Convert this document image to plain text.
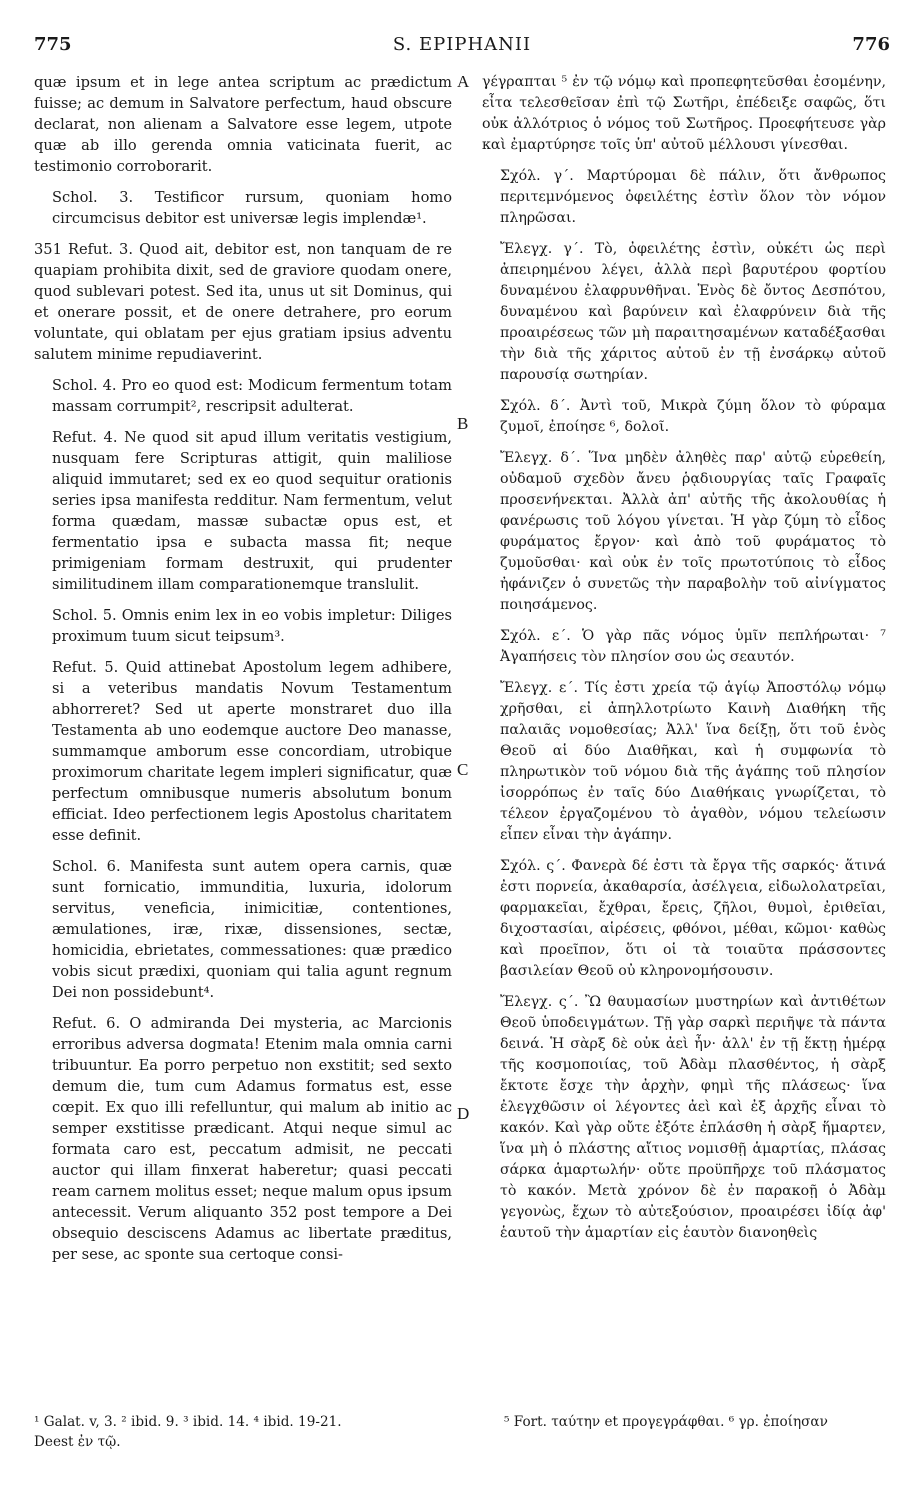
775	S. EPIPHANII	776

quæ ipsum et in lege antea scriptum ac prædictum fuisse; ac demum in Salvatore perfectum, haud obscure declarat, non alienam a Salvatore esse legem, utpote quæ ab illo gerenda omnia vaticinata fuerit, ac testimonio corroborarit.

Schol. 3. Testificor rursum, quoniam homo circumcisus debitor est universæ legis implendæ¹.

351 Refut. 3. Quod ait, debitor est, non tanquam de re quapiam prohibita dixit, sed de graviore quodam onere, quod sublevari potest. Sed ita, unus ut sit Dominus, qui et onerare possit, et de onere detrahere, pro eorum voluntate, qui oblatam per ejus gratiam ipsius adventu salutem minime repudiaverint.

Schol. 4. Pro eo quod est: Modicum fermentum totam massam corrumpit², rescripsit adulterat.

Refut. 4. Ne quod sit apud illum veritatis vestigium, nusquam fere Scripturas attigit, quin maliliose aliquid immutaret; sed ex eo quod sequitur orationis series ipsa manifesta redditur. Nam fermentum, velut forma quædam, massæ subactæ opus est, et fermentatio ipsa e subacta massa fit; neque primigeniam formam destruxit, qui prudenter similitudinem illam comparationemque translulit.

Schol. 5. Omnis enim lex in eo vobis impletur: Diliges proximum tuum sicut teipsum³.

Refut. 5. Quid attinebat Apostolum legem adhibere, si a veteribus mandatis Novum Testamentum abhorreret? Sed ut aperte monstraret duo illa Testamenta ab uno eodemque auctore Deo manasse, summamque amborum esse concordiam, utrobique proximorum charitate legem impleri significatur, quæ perfectum omnibusque numeris absolutum bonum efficiat. Ideo perfectionem legis Apostolus charitatem esse definit.

Schol. 6. Manifesta sunt autem opera carnis, quæ sunt fornicatio, immunditia, luxuria, idolorum servitus, veneficia, inimicitiæ, contentiones, æmulationes, iræ, rixæ, dissensiones, sectæ, homicidia, ebrietates, commessationes: quæ prædico vobis sicut prædixi, quoniam qui talia agunt regnum Dei non possidebunt⁴.

Refut. 6. O admiranda Dei mysteria, ac Marcionis erroribus adversa dogmata! Etenim mala omnia carni tribuuntur. Ea porro perpetuo non exstitit; sed sexto demum die, tum cum Adamus formatus est, esse cœpit. Ex quo illi refelluntur, qui malum ab initio ac semper exstitisse prædicant. Atqui neque simul ac formata caro est, peccatum admisit, ne peccati auctor qui illam finxerat haberetur; quasi peccati ream carnem molitus esset; neque malum opus ipsum antecessit. Verum aliquanto 352 post tempore a Dei obsequio desciscens Adamus ac libertate præditus, per sese, ac sponte sua certoque consi-

A
B
C
D

γέγραπται ⁵ ἐν τῷ νόμῳ καὶ προπεφητεῦσθαι ἐσομένην, εἶτα τελεσθεῖσαν ἐπὶ τῷ Σωτῆρι, ἐπέδειξε σαφῶς, ὅτι οὐκ ἀλλότριος ὁ νόμος τοῦ Σωτῆρος. Προεφήτευσε γὰρ καὶ ἐμαρτύρησε τοῖς ὑπ' αὐτοῦ μέλλουσι γίνεσθαι.

Σχόλ. γ΄. Μαρτύρομαι δὲ πάλιν, ὅτι ἄνθρωπος περιτεμνόμενος ὀφειλέτης ἐστὶν ὅλον τὸν νόμον πληρῶσαι.

Ἔλεγχ. γ΄. Τὸ, ὀφειλέτης ἐστὶν, οὐκέτι ὡς περὶ ἀπειρημένου λέγει, ἀλλὰ περὶ βαρυτέρου φορτίου δυναμένου ἐλαφρυνθῆναι. Ἑνὸς δὲ ὄντος Δεσπότου, δυναμένου καὶ βαρύνειν καὶ ἐλαφρύνειν διὰ τῆς προαιρέσεως τῶν μὴ παραιτησαμένων καταδέξασθαι τὴν διὰ τῆς χάριτος αὐτοῦ ἐν τῇ ἐνσάρκῳ αὐτοῦ παρουσίᾳ σωτηρίαν.

Σχόλ. δ΄. Ἀντὶ τοῦ, Μικρὰ ζύμη ὅλον τὸ φύραμα ζυμοῖ, ἐποίησε ⁶, δολοῖ.

Ἔλεγχ. δ΄. Ἵνα μηδὲν ἀληθὲς παρ' αὐτῷ εὑρεθείη, οὐδαμοῦ σχεδὸν ἄνευ ῥᾳδιουργίας ταῖς Γραφαῖς προσενήνεκται. Ἀλλὰ ἀπ' αὐτῆς τῆς ἀκολουθίας ἡ φανέρωσις τοῦ λόγου γίνεται. Ἡ γὰρ ζύμη τὸ εἶδος φυράματος ἔργον· καὶ ἀπὸ τοῦ φυράματος τὸ ζυμοῦσθαι· καὶ οὐκ ἐν τοῖς πρωτοτύποις τὸ εἶδος ἠφάνιζεν ὁ συνετῶς τὴν παραβολὴν τοῦ αἰνίγματος ποιησάμενος.

Σχόλ. ε΄. Ὁ γὰρ πᾶς νόμος ὑμῖν πεπλήρωται· ⁷ Ἀγαπήσεις τὸν πλησίον σου ὡς σεαυτόν.

Ἔλεγχ. ε΄. Τίς ἐστι χρεία τῷ ἁγίῳ Ἀποστόλῳ νόμῳ χρῆσθαι, εἰ ἀπηλλοτρίωτο Καινὴ Διαθήκη τῆς παλαιᾶς νομοθεσίας; Ἀλλ' ἵνα δείξῃ, ὅτι τοῦ ἑνὸς Θεοῦ αἱ δύο Διαθῆκαι, καὶ ἡ συμφωνία τὸ πληρωτικὸν τοῦ νόμου διὰ τῆς ἀγάπης τοῦ πλησίον ἰσορρόπως ἐν ταῖς δύο Διαθήκαις γνωρίζεται, τὸ τέλεον ἐργαζομένου τὸ ἀγαθὸν, νόμου τελείωσιν εἶπεν εἶναι τὴν ἀγάπην.

Σχόλ. ς΄. Φανερὰ δέ ἐστι τὰ ἔργα τῆς σαρκός· ἅτινά ἐστι πορνεία, ἀκαθαρσία, ἀσέλγεια, εἰδωλολατρεῖαι, φαρμακεῖαι, ἔχθραι, ἔρεις, ζῆλοι, θυμοὶ, ἐριθεῖαι, διχοστασίαι, αἱρέσεις, φθόνοι, μέθαι, κῶμοι· καθὼς καὶ προεῖπον, ὅτι οἱ τὰ τοιαῦτα πράσσοντες βασιλείαν Θεοῦ οὐ κληρονομήσουσιν.

Ἔλεγχ. ς΄. Ὢ θαυμασίων μυστηρίων καὶ ἀντιθέτων Θεοῦ ὑποδειγμάτων. Τῇ γὰρ σαρκὶ περιῆψε τὰ πάντα δεινά. Ἡ σὰρξ δὲ οὐκ ἀεὶ ἦν· ἀλλ' ἐν τῇ ἕκτῃ ἡμέρᾳ τῆς κοσμοποιίας, τοῦ Ἀδὰμ πλασθέντος, ἡ σὰρξ ἔκτοτε ἔσχε τὴν ἀρχὴν, φημὶ τῆς πλάσεως· ἵνα ἐλεγχθῶσιν οἱ λέγοντες ἀεὶ καὶ ἐξ ἀρχῆς εἶναι τὸ κακόν. Καὶ γὰρ οὔτε ἐξότε ἐπλάσθη ἡ σὰρξ ἥμαρτεν, ἵνα μὴ ὁ πλάστης αἴτιος νομισθῇ ἁμαρτίας, πλάσας σάρκα ἁμαρτωλήν· οὔτε προϋπῆρχε τοῦ πλάσματος τὸ κακόν. Μετὰ χρόνον δὲ ἐν παρακοῇ ὁ Ἀδὰμ γεγονὼς, ἔχων τὸ αὐτεξούσιον, προαιρέσει ἰδίᾳ ἀφ' ἑαυτοῦ τὴν ἁμαρτίαν εἰς ἑαυτὸν διανοηθεὶς

¹ Galat. v, 3. ² ibid. 9. ³ ibid. 14. ⁴ ibid. 19-21.
Deest ἐν τῷ.
⁵ Fort. ταύτην et προγεγράφθαι. ⁶ γρ. ἐποίησαν
